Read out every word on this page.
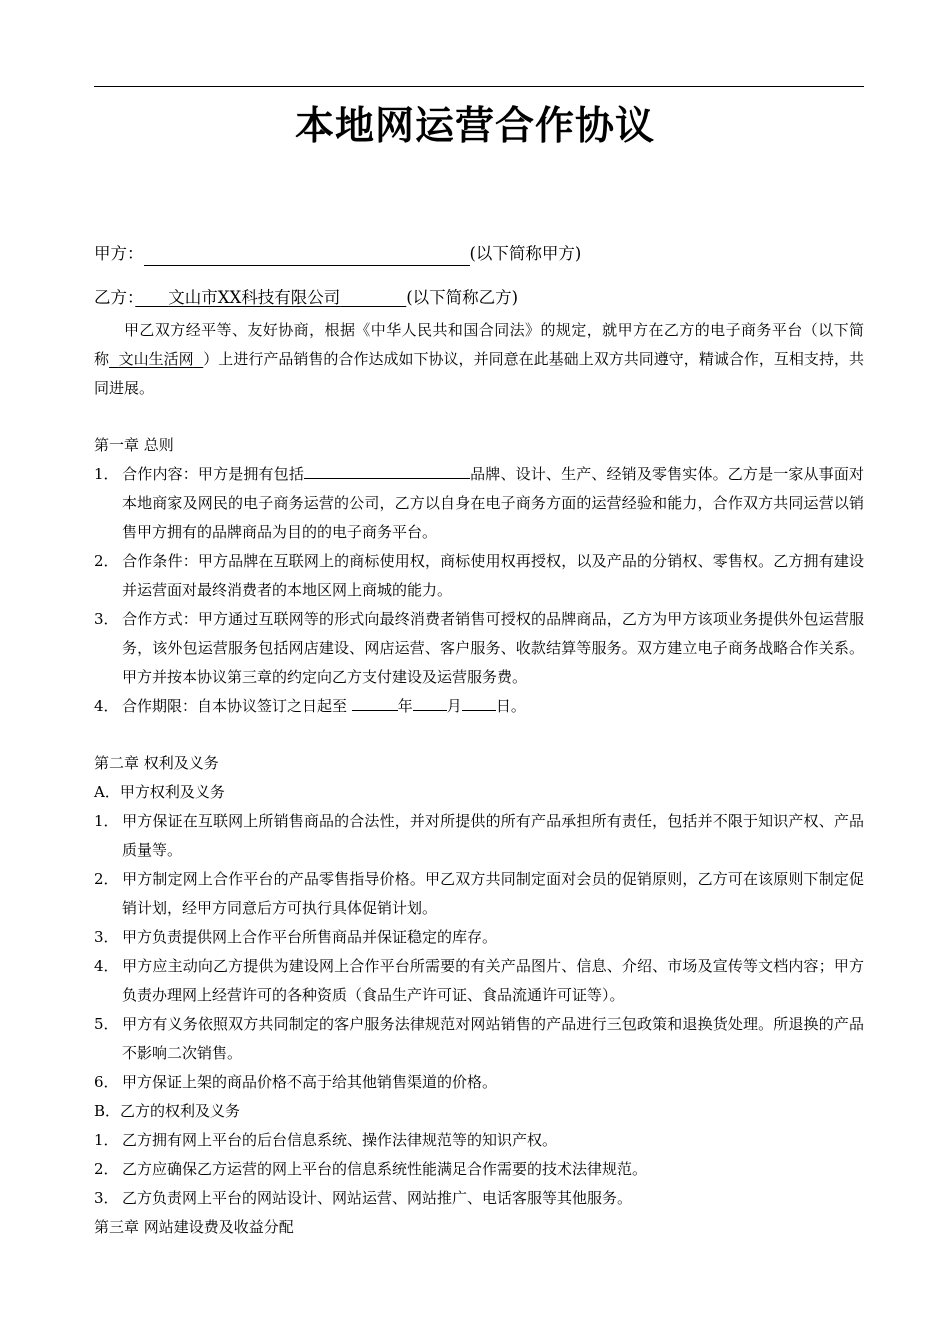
本地网运营合作协议
甲方：	(以下简称甲方)
乙方：　　 文山市XX科技有限公司　　　　	(以下简称乙方)

甲乙双方经平等、友好协商，根据《中华人民共和国合同法》的规定，就甲方在乙方的电子商务平台（以下简称 文山生活网 ）上进行产品销售的合作达成如下协议，并同意在此基础上双方共同遵守，精诚合作，互相支持，共同进展。

第一章 总则

1． 合作内容：甲方是拥有包括	品牌、设计、生产、经销及零售实体。乙方是一家从事面对本地商家及网民的电子商务运营的公司，乙方以自身在电子商务方面的运营经验和能力，合作双方共同运营以销售甲方拥有的品牌商品为目的的电子商务平台。

2． 合作条件：甲方品牌在互联网上的商标使用权，商标使用权再授权，以及产品的分销权、零售权。乙方拥有建设并运营面对最终消费者的本地区网上商城的能力。

3． 合作方式：甲方通过互联网等的形式向最终消费者销售可授权的品牌商品，乙方为甲方该项业务提供外包运营服务，该外包运营服务包括网店建设、网店运营、客户服务、收款结算等服务。双方建立电子商务战略合作关系。甲方并按本协议第三章的约定向乙方支付建设及运营服务费。

4． 合作期限：自本协议签订之日起至	年 月 日。

第二章 权利及义务

A．甲方权利及义务

1． 甲方保证在互联网上所销售商品的合法性，并对所提供的所有产品承担所有责任，包括并不限于知识产权、产品质量等。

2． 甲方制定网上合作平台的产品零售指导价格。甲乙双方共同制定面对会员的促销原则，乙方可在该原则下制定促销计划，经甲方同意后方可执行具体促销计划。

3． 甲方负责提供网上合作平台所售商品并保证稳定的库存。

4． 甲方应主动向乙方提供为建设网上合作平台所需要的有关产品图片、信息、介绍、市场及宣传等文档内容；甲方负责办理网上经营许可的各种资质（食品生产许可证、食品流通许可证等）。

5． 甲方有义务依照双方共同制定的客户服务法律规范对网站销售的产品进行三包政策和退换货处理。所退换的产品不影响二次销售。

6． 甲方保证上架的商品价格不高于给其他销售渠道的价格。

B．乙方的权利及义务

1． 乙方拥有网上平台的后台信息系统、操作法律规范等的知识产权。

2． 乙方应确保乙方运营的网上平台的信息系统性能满足合作需要的技术法律规范。

3． 乙方负责网上平台的网站设计、网站运营、网站推广、电话客服等其他服务。

第三章 网站建设费及收益分配
